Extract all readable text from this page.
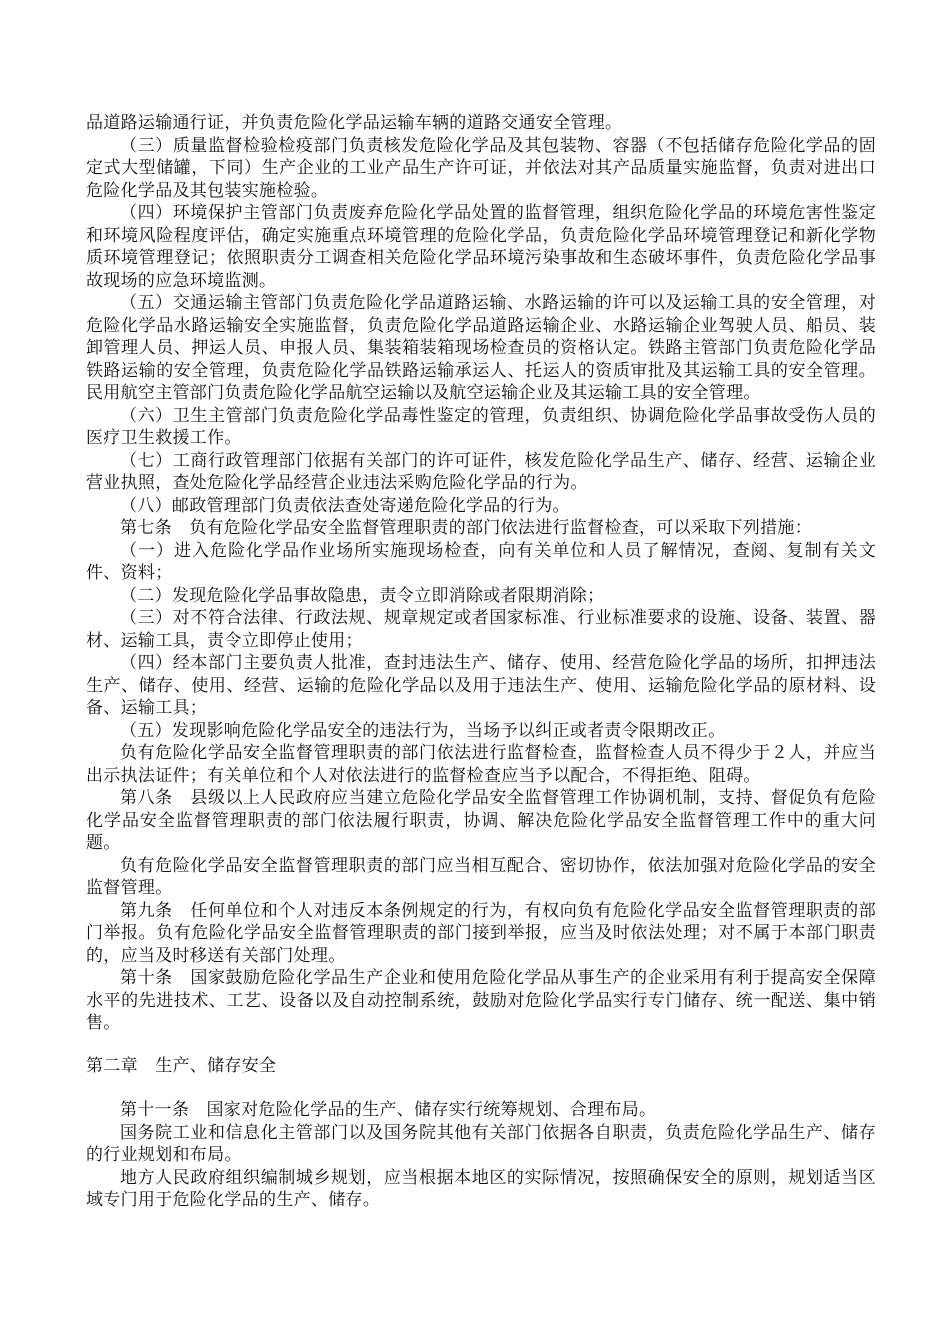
品道路运输通行证，并负责危险化学品运输车辆的道路交通安全管理。

（三）质量监督检验检疫部门负责核发危险化学品及其包装物、容器（不包括储存危险化学品的固定式大型储罐，下同）生产企业的工业产品生产许可证，并依法对其产品质量实施监督，负责对进出口危险化学品及其包装实施检验。

（四）环境保护主管部门负责废弃危险化学品处置的监督管理，组织危险化学品的环境危害性鉴定和环境风险程度评估，确定实施重点环境管理的危险化学品，负责危险化学品环境管理登记和新化学物质环境管理登记；依照职责分工调查相关危险化学品环境污染事故和生态破坏事件，负责危险化学品事故现场的应急环境监测。

（五）交通运输主管部门负责危险化学品道路运输、水路运输的许可以及运输工具的安全管理，对危险化学品水路运输安全实施监督，负责危险化学品道路运输企业、水路运输企业驾驶人员、船员、装卸管理人员、押运人员、申报人员、集装箱装箱现场检查员的资格认定。铁路主管部门负责危险化学品铁路运输的安全管理，负责危险化学品铁路运输承运人、托运人的资质审批及其运输工具的安全管理。民用航空主管部门负责危险化学品航空运输以及航空运输企业及其运输工具的安全管理。

（六）卫生主管部门负责危险化学品毒性鉴定的管理，负责组织、协调危险化学品事故受伤人员的医疗卫生救援工作。

（七）工商行政管理部门依据有关部门的许可证件，核发危险化学品生产、储存、经营、运输企业营业执照，查处危险化学品经营企业违法采购危险化学品的行为。

（八）邮政管理部门负责依法查处寄递危险化学品的行为。

第七条　负有危险化学品安全监督管理职责的部门依法进行监督检查，可以采取下列措施：

（一）进入危险化学品作业场所实施现场检查，向有关单位和人员了解情况，查阅、复制有关文件、资料；

（二）发现危险化学品事故隐患，责令立即消除或者限期消除；

（三）对不符合法律、行政法规、规章规定或者国家标准、行业标准要求的设施、设备、装置、器材、运输工具，责令立即停止使用；

（四）经本部门主要负责人批准，查封违法生产、储存、使用、经营危险化学品的场所，扣押违法生产、储存、使用、经营、运输的危险化学品以及用于违法生产、使用、运输危险化学品的原材料、设备、运输工具；

（五）发现影响危险化学品安全的违法行为，当场予以纠正或者责令限期改正。

负有危险化学品安全监督管理职责的部门依法进行监督检查，监督检查人员不得少于２人，并应当出示执法证件；有关单位和个人对依法进行的监督检查应当予以配合，不得拒绝、阻碍。

第八条　县级以上人民政府应当建立危险化学品安全监督管理工作协调机制，支持、督促负有危险化学品安全监督管理职责的部门依法履行职责，协调、解决危险化学品安全监督管理工作中的重大问题。

负有危险化学品安全监督管理职责的部门应当相互配合、密切协作，依法加强对危险化学品的安全监督管理。

第九条　任何单位和个人对违反本条例规定的行为，有权向负有危险化学品安全监督管理职责的部门举报。负有危险化学品安全监督管理职责的部门接到举报，应当及时依法处理；对不属于本部门职责的，应当及时移送有关部门处理。

第十条　国家鼓励危险化学品生产企业和使用危险化学品从事生产的企业采用有利于提高安全保障水平的先进技术、工艺、设备以及自动控制系统，鼓励对危险化学品实行专门储存、统一配送、集中销售。

第二章　生产、储存安全

第十一条　国家对危险化学品的生产、储存实行统筹规划、合理布局。

国务院工业和信息化主管部门以及国务院其他有关部门依据各自职责，负责危险化学品生产、储存的行业规划和布局。

地方人民政府组织编制城乡规划，应当根据本地区的实际情况，按照确保安全的原则，规划适当区域专门用于危险化学品的生产、储存。
